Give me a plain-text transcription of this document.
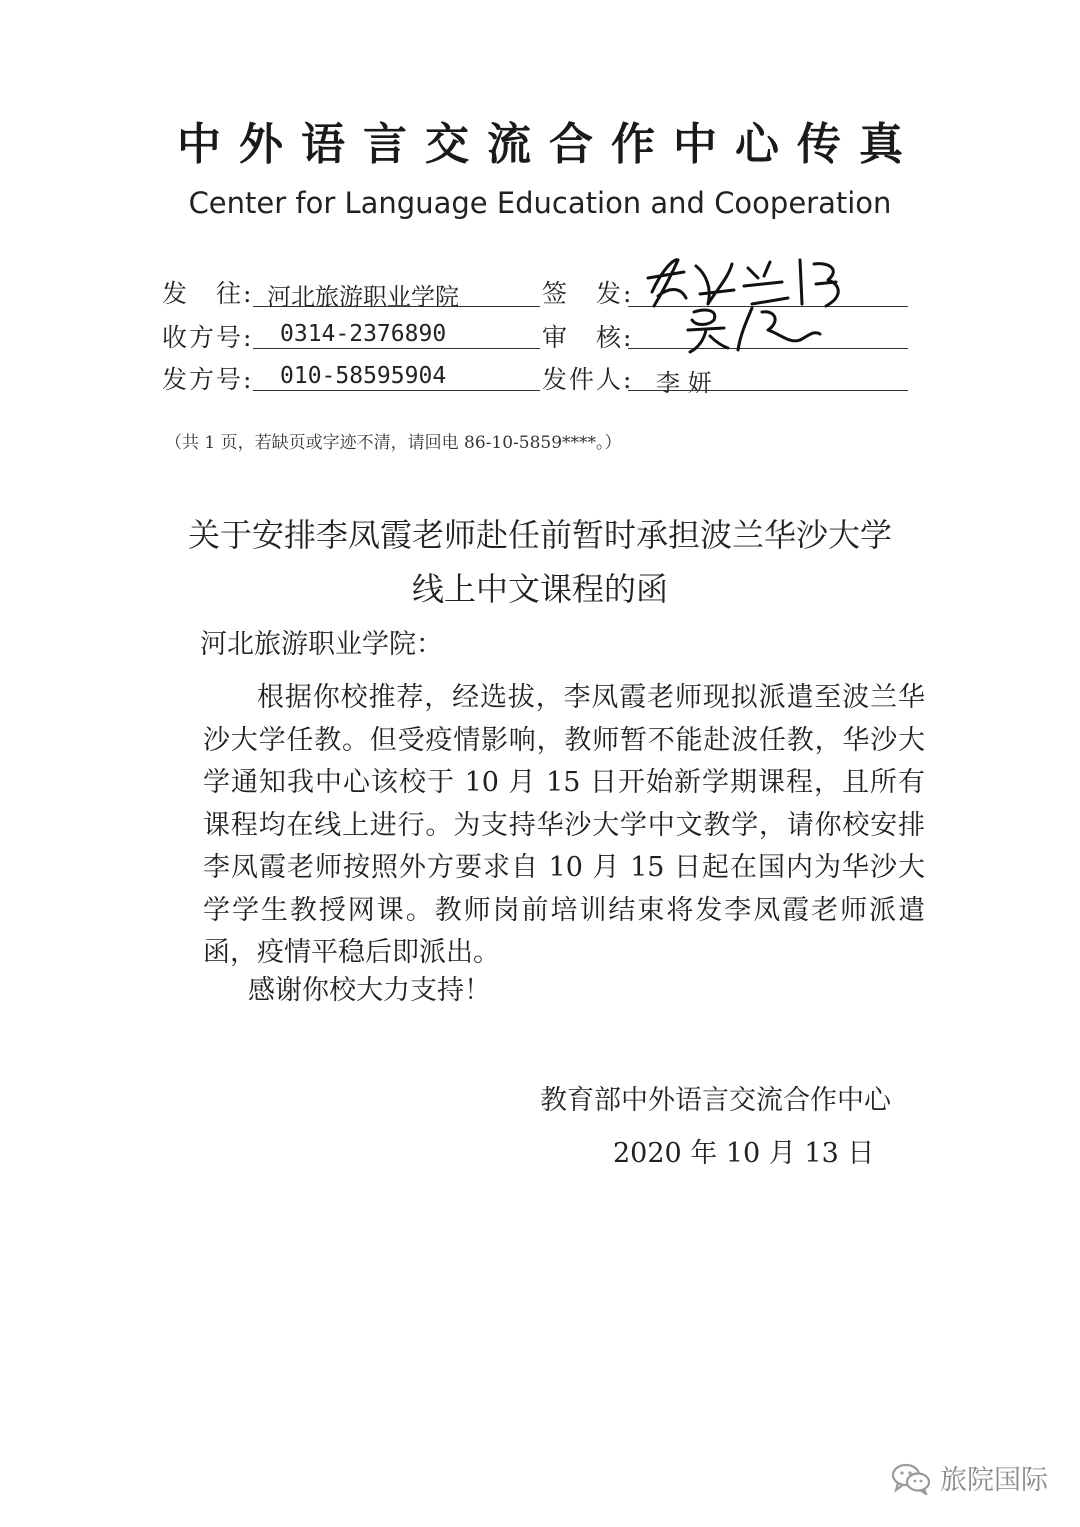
中外语言交流合作中心传真
Center for Language Education and Cooperation
发　往: 河北旅游职业学院	签　发:
收方号: 0314-2376890	审　核:
发方号: 010-58595904	发件人: 李 妍
（共 1 页，若缺页或字迹不清，请回电 86-10-5859****。）
关于安排李凤霞老师赴任前暂时承担波兰华沙大学
线上中文课程的函
河北旅游职业学院：
根据你校推荐，经选拔，李凤霞老师现拟派遣至波兰华沙大学任教。但受疫情影响，教师暂不能赴波任教，华沙大学通知我中心该校于 10 月 15 日开始新学期课程，且所有课程均在线上进行。为支持华沙大学中文教学，请你校安排李凤霞老师按照外方要求自 10 月 15 日起在国内为华沙大学学生教授网课。教师岗前培训结束将发李凤霞老师派遣函，疫情平稳后即派出。
感谢你校大力支持！
教育部中外语言交流合作中心
2020 年 10 月 13 日
旅院国际
